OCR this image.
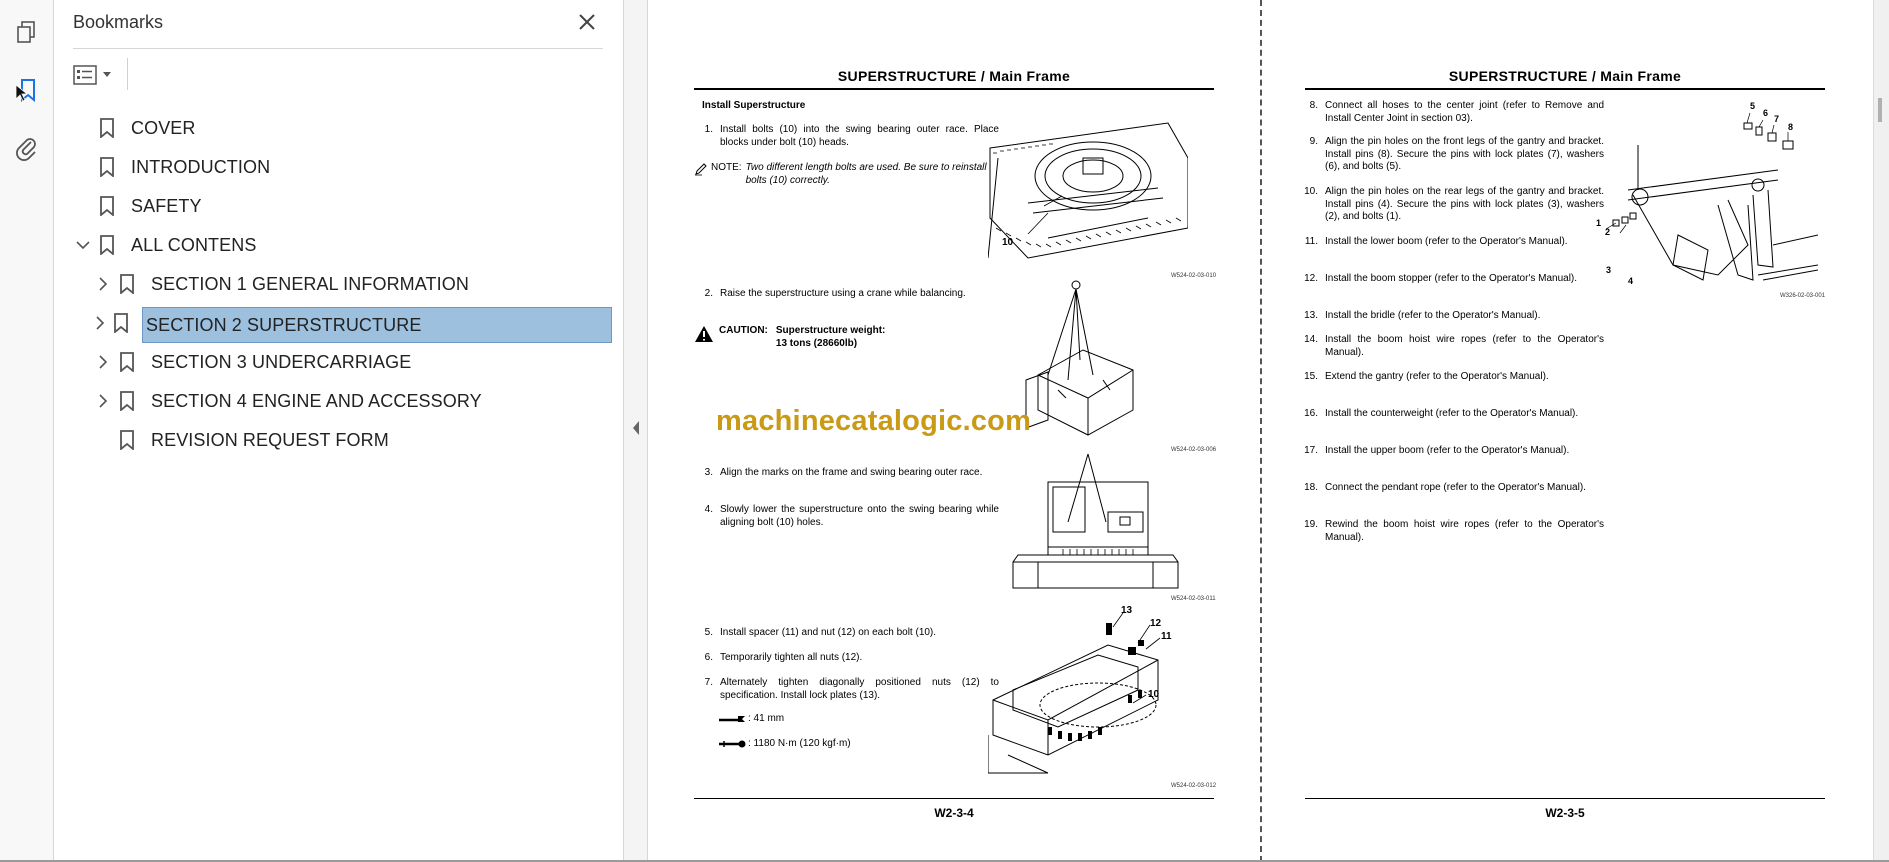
Bookmarks
COVER
INTRODUCTION
SAFETY
ALL CONTENS
SECTION 1 GENERAL INFORMATION
SECTION 2 SUPERSTRUCTURE
SECTION 3 UNDERCARRIAGE
SECTION 4 ENGINE AND ACCESSORY
REVISION REQUEST FORM
SUPERSTRUCTURE / Main Frame
Install Superstructure
1. Install bolts (10) into the swing bearing outer race. Place blocks under bolt (10) heads.
NOTE: Two different length bolts are used. Be sure to reinstall bolts (10) correctly.
10
W524-02-03-010
2. Raise the superstructure using a crane while balancing.
CAUTION: Superstructure weight:
13 tons (28660lb)
W524-02-03-006
machinecatalogic.com
3. Align the marks on the frame and swing bearing outer race.
4. Slowly lower the superstructure onto the swing bearing while aligning bolt (10) holes.
W524-02-03-011
5. Install spacer (11) and nut (12) on each bolt (10).
6. Temporarily tighten all nuts (12).
7. Alternately tighten diagonally positioned nuts (12) to specification. Install lock plates (13).
: 41 mm
: 1180 N·m (120 kgf·m)
13
12
11
10
W524-02-03-012
W2-3-4
SUPERSTRUCTURE / Main Frame
8. Connect all hoses to the center joint (refer to Remove and Install Center Joint in section 03).
9. Align the pin holes on the front legs of the gantry and bracket. Install pins (8). Secure the pins with lock plates (7), washers (6), and bolts (5).
10. Align the pin holes on the rear legs of the gantry and bracket. Install pins (4). Secure the pins with lock plates (3), washers (2), and bolts (1).
11. Install the lower boom (refer to the Operator's Manual).
12. Install the boom stopper (refer to the Operator's Manual).
13. Install the bridle (refer to the Operator's Manual).
14. Install the boom hoist wire ropes (refer to the Operator's Manual).
15. Extend the gantry (refer to the Operator's Manual).
16. Install the counterweight (refer to the Operator's Manual).
17. Install the upper boom (refer to the Operator's Manual).
18. Connect the pendant rope (refer to the Operator's Manual).
19. Rewind the boom hoist wire ropes (refer to the Operator's Manual).
5
6
7
8
1
2
3
4
W326-02-03-001
W2-3-5
